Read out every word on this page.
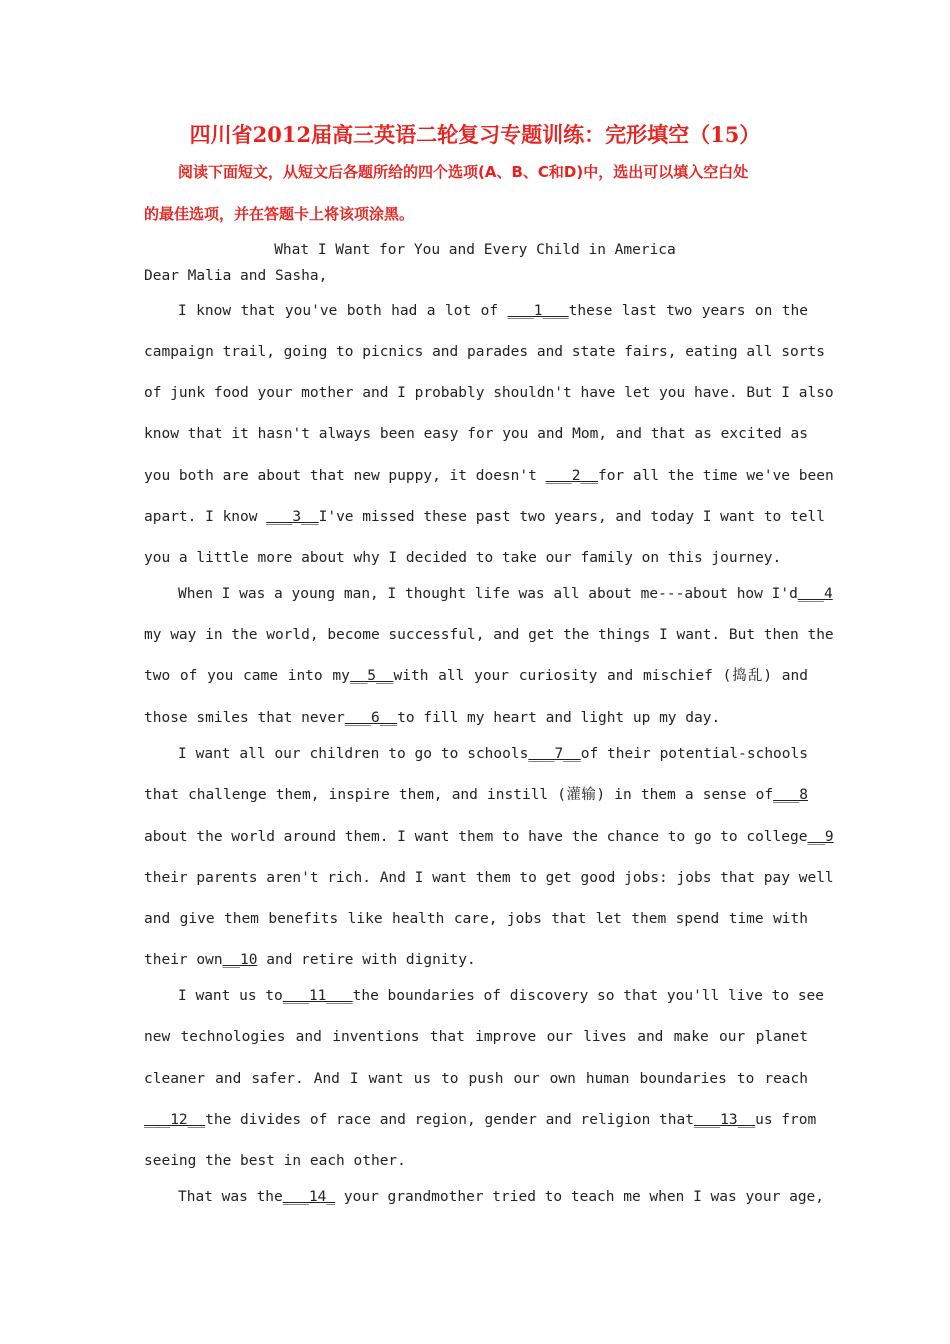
四川省2012届高三英语二轮复习专题训练：完形填空（15）
阅读下面短文，从短文后各题所给的四个选项(A、B、C和D)中，选出可以填入空白处
的最佳选项，并在答题卡上将该项涂黑。
What I Want for You and Every Child in America
Dear Malia and Sasha,
I know that you've both had a lot of ___1___these last two years on the
campaign trail, going to picnics and parades and state fairs, eating all sorts
of junk food your mother and I probably shouldn't have let you have. But I also
know that it hasn't always been easy for you and Mom, and that as excited as
you both are about that new puppy, it doesn't ___2__for all the time we've been
apart. I know ___3__I've missed these past two years, and today I want to tell
you a little more about why I decided to take our family on this journey.
When I was a young man, I thought life was all about me---about how I'd___4
my way in the world, become successful, and get the things I want. But then the
two of you came into my__5__with all your curiosity and mischief (捣乱) and
those smiles that never___6__to fill my heart and light up my day.
I want all our children to go to schools___7__of their potential-schools
that challenge them, inspire them, and instill (灌输) in them a sense of___8
about the world around them. I want them to have the chance to go to college__9
their parents aren't rich. And I want them to get good jobs: jobs that pay well
and give them benefits like health care, jobs that let them spend time with
their own__10 and retire with dignity.
I want us to___11___the boundaries of discovery so that you'll live to see
new technologies and inventions that improve our lives and make our planet
cleaner and safer. And I want us to push our own human boundaries to reach
___12__the divides of race and region, gender and religion that___13__us from
seeing the best in each other.
That was the___14_ your grandmother tried to teach me when I was your age,
